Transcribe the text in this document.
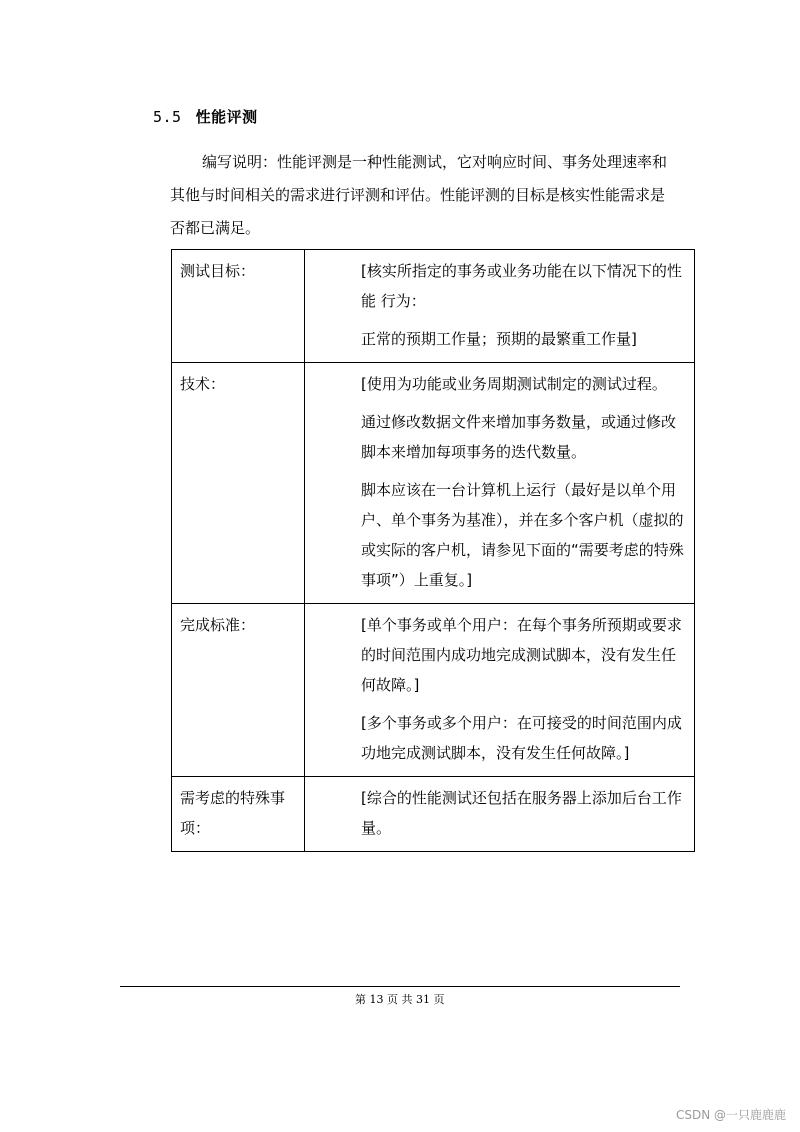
5.5 性能评测
编写说明：性能评测是一种性能测试，它对响应时间、事务处理速率和其他与时间相关的需求进行评测和评估。性能评测的目标是核实性能需求是否都已满足。
测试目标：	[核实所指定的事务或业务功能在以下情况下的性能 行为：

正常的预期工作量；预期的最繁重工作量]

技术：	[使用为功能或业务周期测试制定的测试过程。

通过修改数据文件来增加事务数量，或通过修改脚本来增加每项事务的迭代数量。

脚本应该在一台计算机上运行（最好是以单个用户、单个事务为基准），并在多个客户机（虚拟的或实际的客户机，请参见下面的“需要考虑的特殊事项”）上重复。]

完成标准：	[单个事务或单个用户：在每个事务所预期或要求的时间范围内成功地完成测试脚本，没有发生任何故障。]

[多个事务或多个用户：在可接受的时间范围内成功地完成测试脚本，没有发生任何故障。]

需考虑的特殊事项：	[综合的性能测试还包括在服务器上添加后台工作量。

第 13 页 共 31 页
CSDN @一只鹿鹿鹿
